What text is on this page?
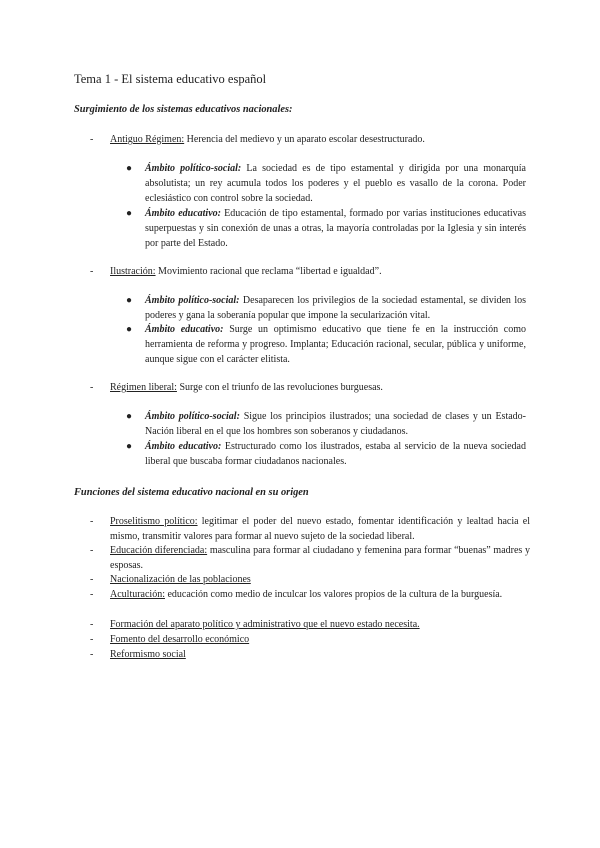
Tema 1 - El sistema educativo español
Surgimiento de los sistemas educativos nacionales:
- Antiguo Régimen: Herencia del medievo y un aparato escolar desestructurado.
● Ámbito político-social: La sociedad es de tipo estamental y dirigida por una monarquía absolutista; un rey acumula todos los poderes y el pueblo es vasallo de la corona. Poder eclesiástico con control sobre la sociedad.
● Ámbito educativo: Educación de tipo estamental, formado por varias instituciones educativas superpuestas y sin conexión de unas a otras, la mayoría controladas por la Iglesia y sin interés por parte del Estado.
- Ilustración: Movimiento racional que reclama “libertad e igualdad”.
● Ámbito político-social: Desaparecen los privilegios de la sociedad estamental, se dividen los poderes y gana la soberanía popular que impone la secularización vital.
● Ámbito educativo: Surge un optimismo educativo que tiene fe en la instrucción como herramienta de reforma y progreso. Implanta; Educación racional, secular, pública y uniforme, aunque sigue con el carácter elitista.
- Régimen liberal: Surge con el triunfo de las revoluciones burguesas.
● Ámbito político-social: Sigue los principios ilustrados; una sociedad de clases y un Estado-Nación liberal en el que los hombres son soberanos y ciudadanos.
● Ámbito educativo: Estructurado como los ilustrados, estaba al servicio de la nueva sociedad liberal que buscaba formar ciudadanos nacionales.
Funciones del sistema educativo nacional en su origen
- Proselitismo político: legitimar el poder del nuevo estado, fomentar identificación y lealtad hacia el mismo, transmitir valores para formar al nuevo sujeto de la sociedad liberal.
- Educación diferenciada: masculina para formar al ciudadano y femenina para formar “buenas” madres y esposas.
- Nacionalización de las poblaciones
- Aculturación: educación como medio de inculcar los valores propios de la cultura de la burguesía.
- Formación del aparato político y administrativo que el nuevo estado necesita.
- Fomento del desarrollo económico
- Reformismo social
